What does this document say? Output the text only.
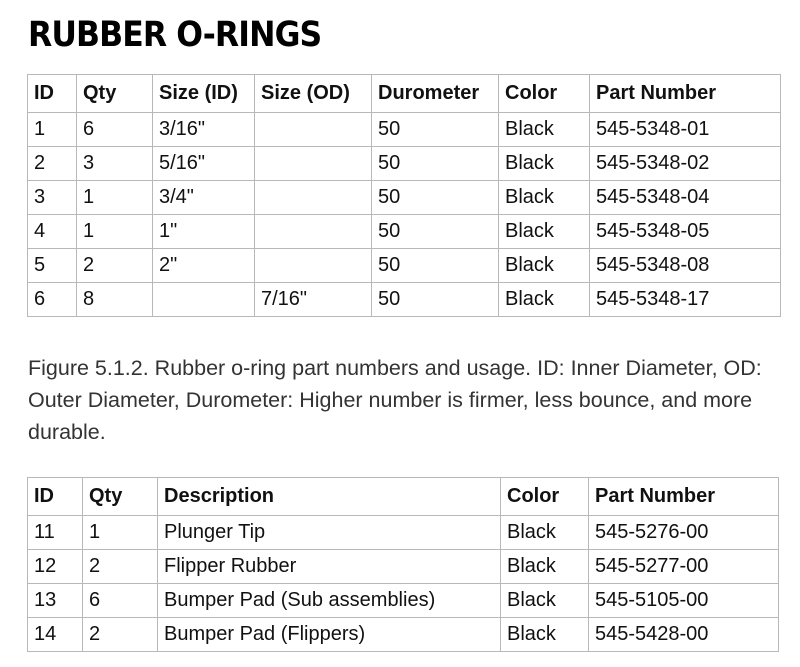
RUBBER O-RINGS
ID	Qty	Size (ID)	Size (OD)	Durometer	Color	Part Number
1	6	3/16"		50	Black	545-5348-01
2	3	5/16"		50	Black	545-5348-02
3	1	3/4"		50	Black	545-5348-04
4	1	1"		50	Black	545-5348-05
5	2	2"		50	Black	545-5348-08
6	8		7/16"	50	Black	545-5348-17

Figure 5.1.2. Rubber o-ring part numbers and usage. ID: Inner Diameter, OD: Outer Diameter, Durometer: Higher number is firmer, less bounce, and more durable.

ID	Qty	Description	Color	Part Number
11	1	Plunger Tip	Black	545-5276-00
12	2	Flipper Rubber	Black	545-5277-00
13	6	Bumper Pad (Sub assemblies)	Black	545-5105-00
14	2	Bumper Pad (Flippers)	Black	545-5428-00
